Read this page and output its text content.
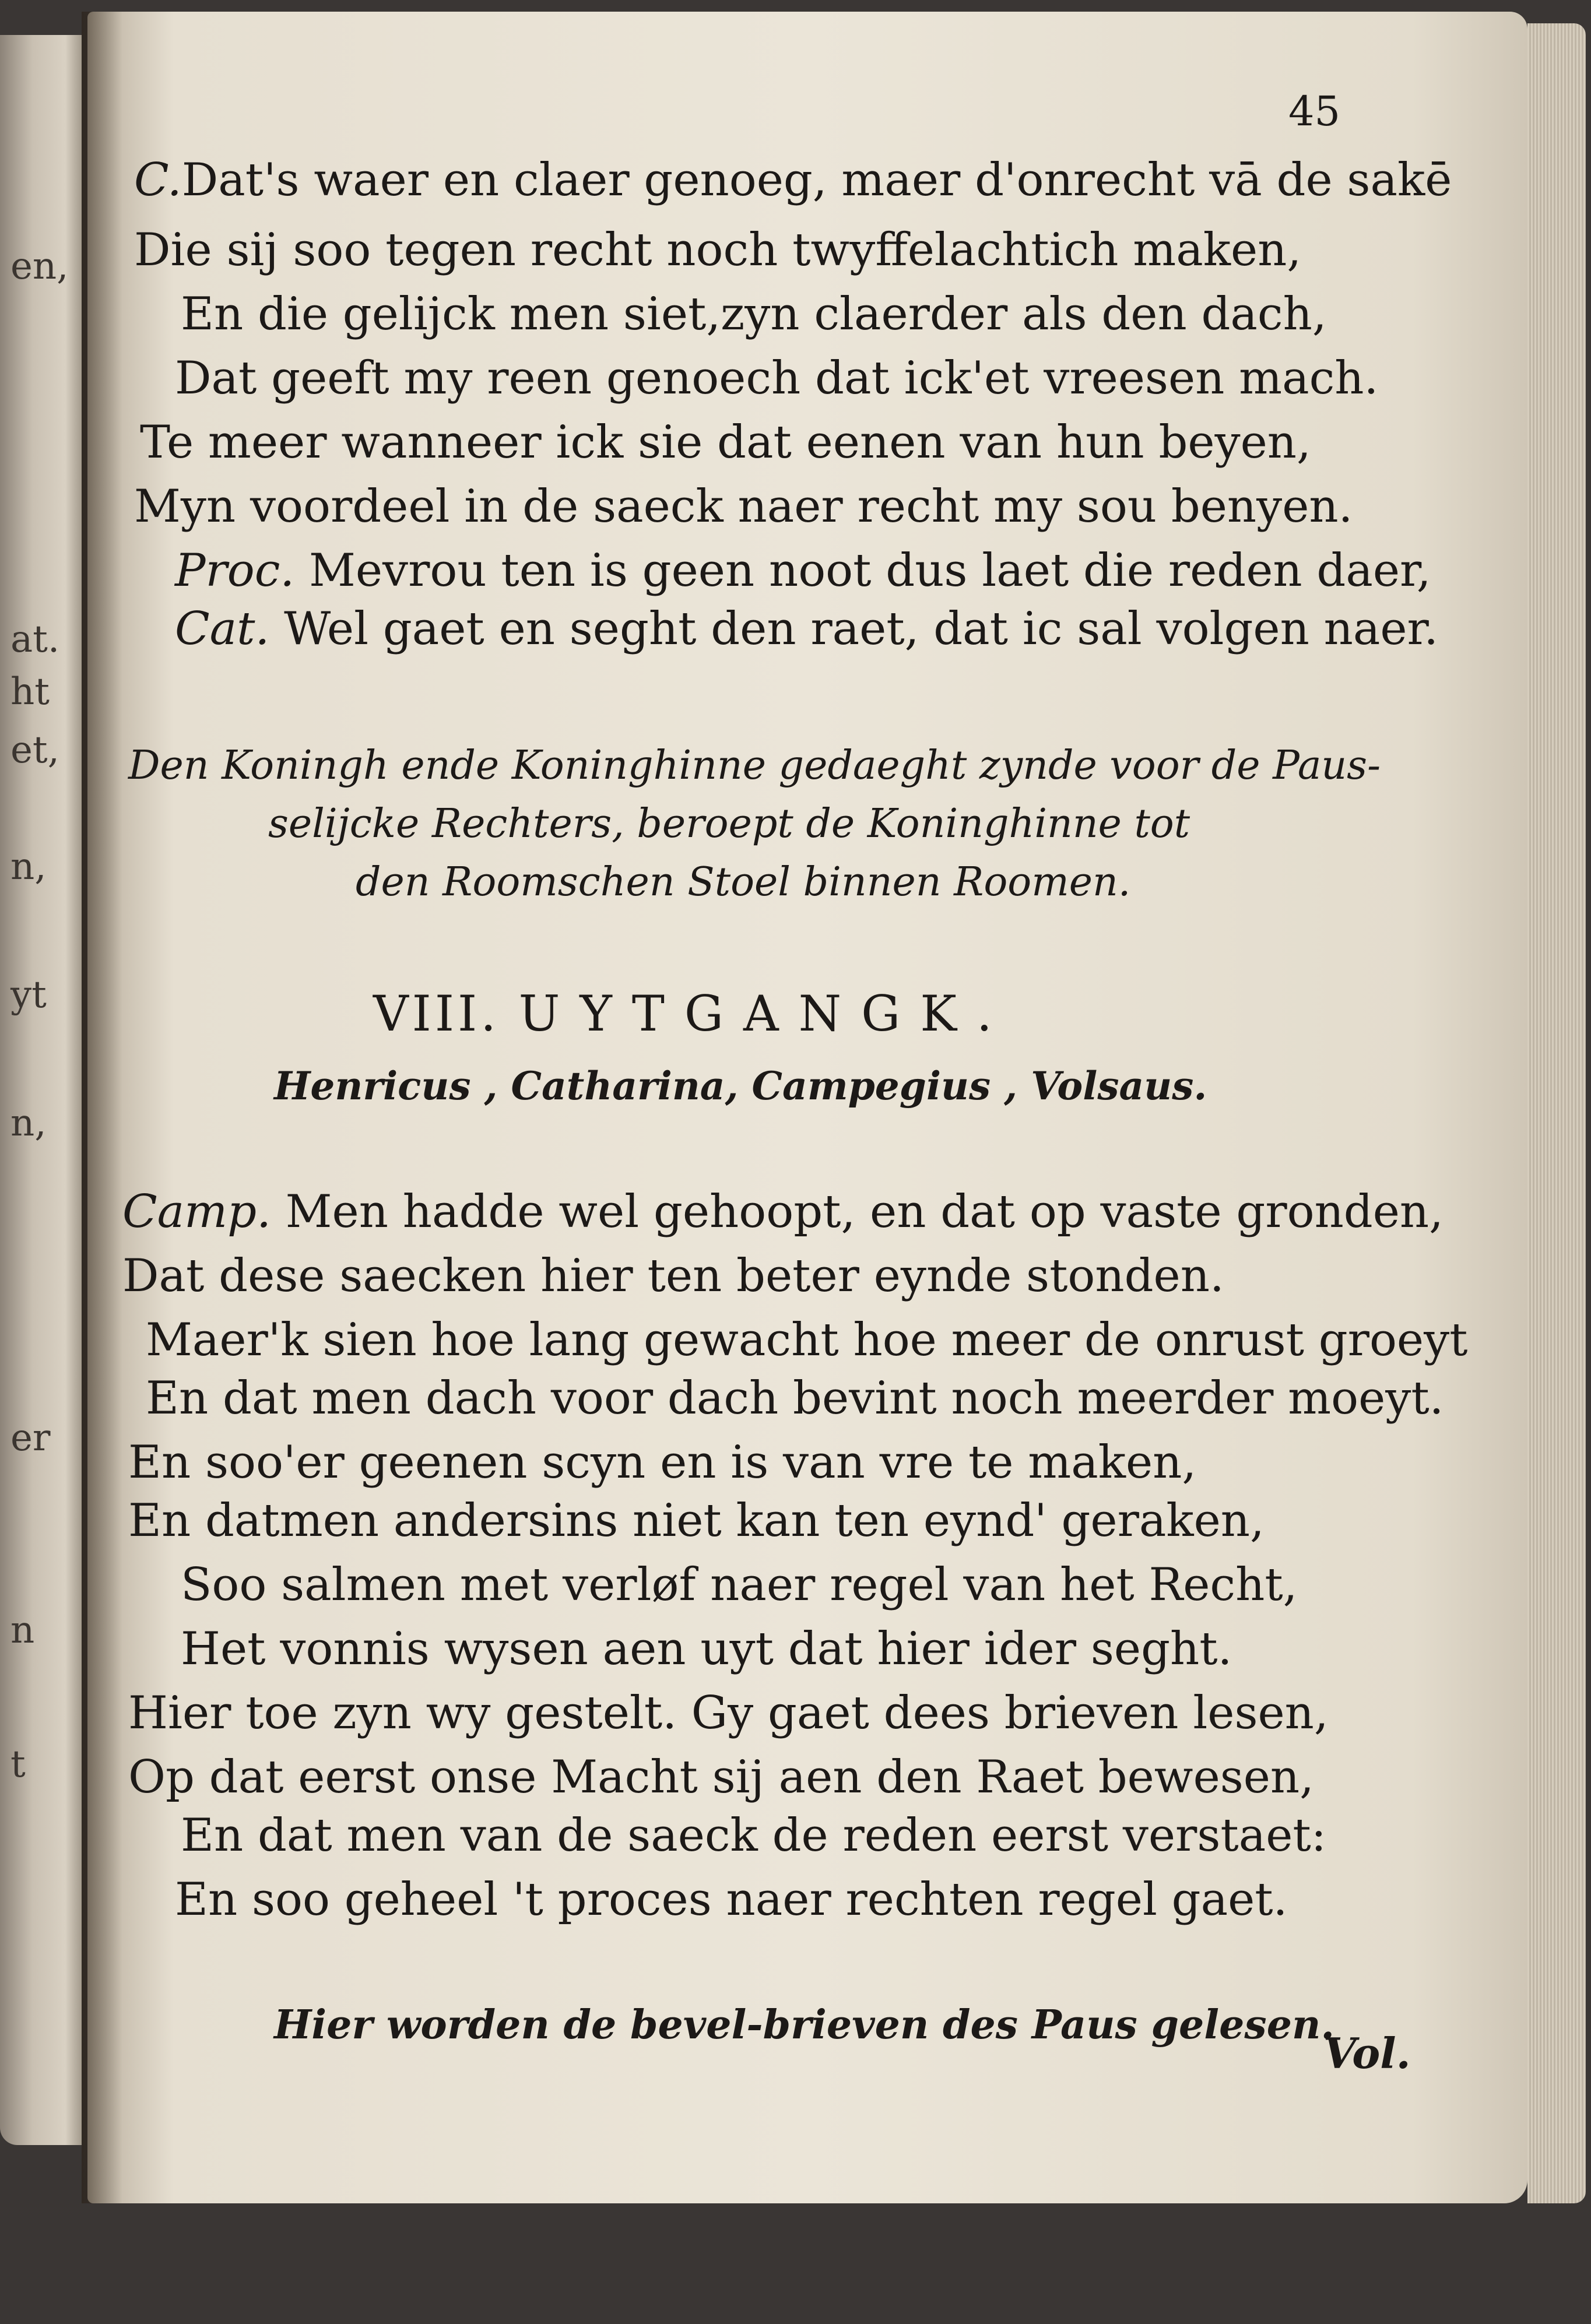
en,
at.
ht
et,
n,
yt
n,
er
n
t
45
C.Dat's waer en claer genoeg, maer d'onrecht vā de sakē
Die sij soo tegen recht noch twyffelachtich maken,
En die gelijck men siet,zyn claerder als den dach,
Dat geeft my reen genoech dat ick'et vreesen mach.
Te meer wanneer ick sie dat eenen van hun beyen,
Myn voordeel in de saeck naer recht my sou benyen.
Proc. Mevrou ten is geen noot dus laet die reden daer,
Cat. Wel gaet en seght den raet, dat ic sal volgen naer.
Den Koningh ende Koninghinne gedaeght zynde voor de Paus-
selijcke Rechters, beroept de Koninghinne tot
den Roomschen Stoel binnen Roomen.
VIII. UYTGANGK.
Henricus , Catharina, Campegius , Volsaus.
Camp. Men hadde wel gehoopt, en dat op vaste gronden,
Dat dese saecken hier ten beter eynde stonden.
Maer'k sien hoe lang gewacht hoe meer de onrust groeyt
En dat men dach voor dach bevint noch meerder moeyt.
En soo'er geenen scyn en is van vre te maken,
En datmen andersins niet kan ten eynd' geraken,
Soo salmen met verløf naer regel van het Recht,
Het vonnis wysen aen uyt dat hier ider seght.
Hier toe zyn wy gestelt. Gy gaet dees brieven lesen,
Op dat eerst onse Macht sij aen den Raet bewesen,
En dat men van de saeck de reden eerst verstaet:
En soo geheel 't proces naer rechten regel gaet.
Hier worden de bevel-brieven des Paus gelesen.
Vol.
